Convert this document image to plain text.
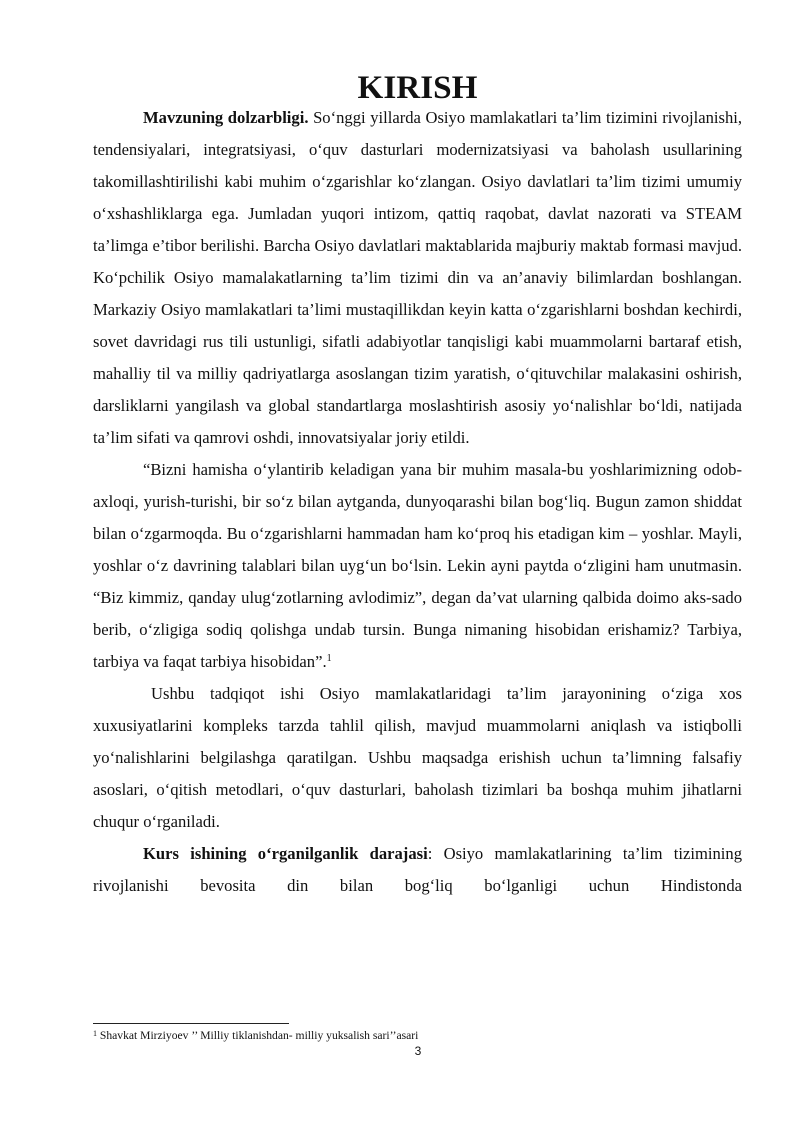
KIRISH

Mavzuning dolzarbligi. So‘nggi yillarda Osiyo mamlakatlari ta’lim tizimini rivojlanishi, tendensiyalari, integratsiyasi, o‘quv dasturlari modernizatsiyasi va baholash usullarining takomillashtirilishi kabi muhim o‘zgarishlar ko‘zlangan. Osiyo davlatlari ta’lim tizimi umumiy o‘xshashliklarga ega. Jumladan yuqori intizom, qattiq raqobat, davlat nazorati va STEAM ta’limga e’tibor berilishi. Barcha Osiyo davlatlari maktablarida majburiy maktab formasi mavjud. Ko‘pchilik Osiyo mamalakatlarning ta’lim tizimi din va an’anaviy bilimlardan boshlangan. Markaziy Osiyo mamlakatlari ta’limi mustaqillikdan keyin katta o‘zgarishlarni boshdan kechirdi, sovet davridagi rus tili ustunligi, sifatli adabiyotlar tanqisligi kabi muammolarni bartaraf etish, mahalliy til va milliy qadriyatlarga asoslangan tizim yaratish, o‘qituvchilar malakasini oshirish, darsliklarni yangilash va global standartlarga moslashtirish asosiy yo‘nalishlar bo‘ldi, natijada ta’lim sifati va qamrovi oshdi, innovatsiyalar joriy etildi.

“Bizni hamisha o‘ylantirib keladigan yana bir muhim masala-bu yoshlarimizning odob-axloqi, yurish-turishi, bir so‘z bilan aytganda, dunyoqarashi bilan bog‘liq. Bugun zamon shiddat bilan o‘zgarmoqda. Bu o‘zgarishlarni hammadan ham ko‘proq his etadigan kim – yoshlar. Mayli, yoshlar o‘z davrining talablari bilan uyg‘un bo‘lsin. Lekin ayni paytda o‘zligini ham unutmasin. “Biz kimmiz, qanday ulug‘zotlarning avlodimiz”, degan da’vat ularning qalbida doimo aks-sado berib, o‘zligiga sodiq qolishga undab tursin. Bunga nimaning hisobidan erishamiz? Tarbiya, tarbiya va faqat tarbiya hisobidan”.$^1$

Ushbu tadqiqot ishi Osiyo mamlakatlaridagi ta’lim jarayonining o‘ziga xos xuxusiyatlarini kompleks tarzda tahlil qilish, mavjud muammolarni aniqlash va istiqbolli yo‘nalishlarini belgilashga qaratilgan. Ushbu maqsadga erishish uchun ta’limning falsafiy asoslari, o‘qitish metodlari, o‘quv dasturlari, baholash tizimlari ba boshqa muhim jihatlarni chuqur o‘rganiladi.

Kurs ishining o‘rganilganlik darajasi: Osiyo mamlakatlarining ta’lim tizimining rivojlanishi bevosita din bilan bog‘liq bo‘lganligi uchun Hindistonda

$^1$ Shavkat Mirziyoev ’’ Milliy tiklanishdan- milliy yuksalish sari’’asari
3
